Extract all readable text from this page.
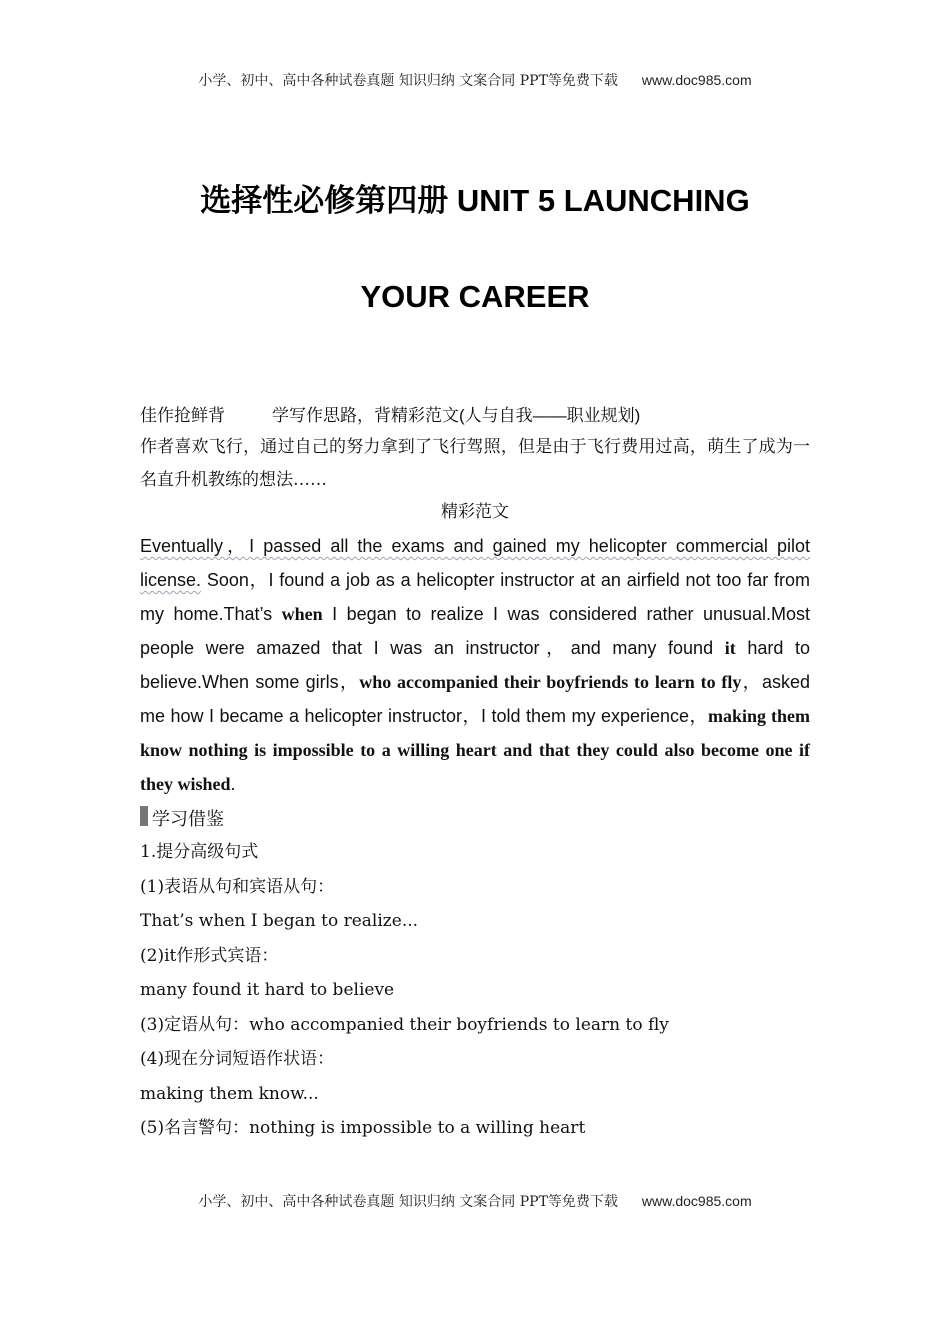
小学、初中、高中各种试卷真题 知识归纳 文案合同 PPT等免费下载 www.doc985.com
选择性必修第四册 UNIT 5 LAUNCHING
YOUR CAREER
佳作抢鲜背	学写作思路，背精彩范文(人与自我——职业规划)
作者喜欢飞行，通过自己的努力拿到了飞行驾照，但是由于飞行费用过高，萌生了成为一名直升机教练的想法……
精彩范文
Eventually，I passed all the exams and gained my helicopter commercial pilot license. Soon，I found a job as a helicopter instructor at an airfield not too far from my home.That’s when I began to realize I was considered rather unusual.Most people were amazed that I was an instructor，and many found it hard to believe.When some girls，who accompanied their boyfriends to learn to fly，asked me how I became a helicopter instructor，I told them my experience，making them know nothing is impossible to a willing heart and that they could also become one if they wished.
学习借鉴
1.提分高级句式
(1)表语从句和宾语从句：
That’s when I began to realize...
(2)it作形式宾语：
many found it hard to believe
(3)定语从句：who accompanied their boyfriends to learn to fly
(4)现在分词短语作状语：
making them know...
(5)名言警句：nothing is impossible to a willing heart
小学、初中、高中各种试卷真题 知识归纳 文案合同 PPT等免费下载 www.doc985.com
